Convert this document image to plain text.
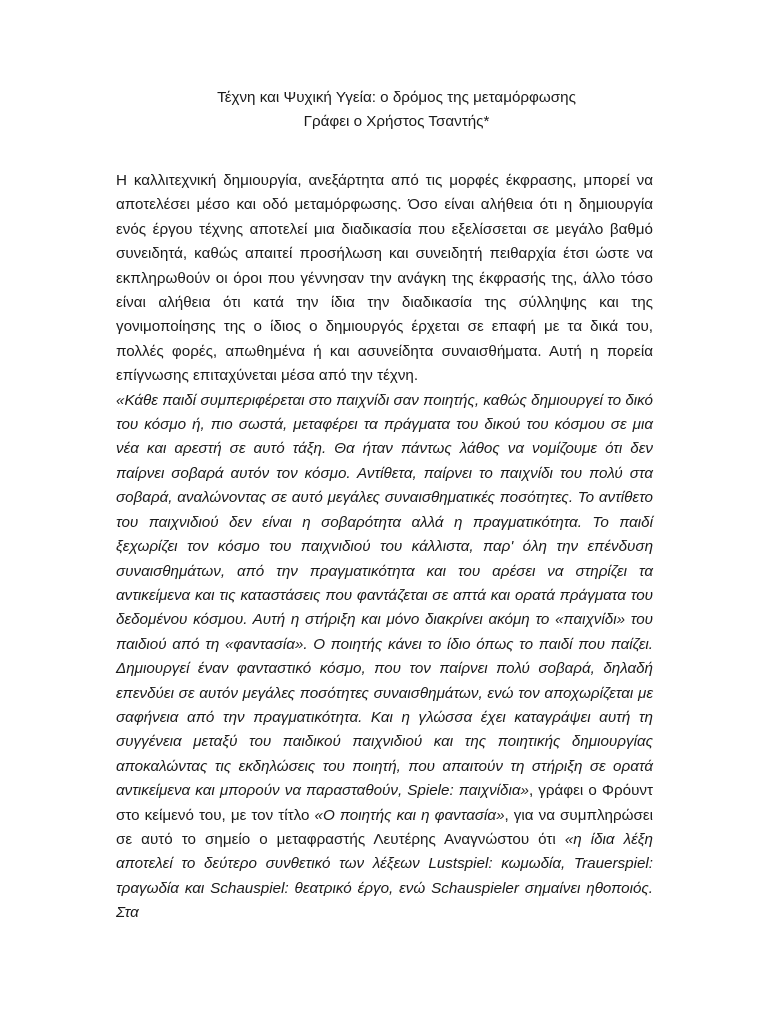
Τέχνη και Ψυχική Υγεία: ο δρόμος της μεταμόρφωσης
Γράφει ο Χρήστος Τσαντής*

Η καλλιτεχνική δημιουργία, ανεξάρτητα από τις μορφές έκφρασης, μπορεί να αποτελέσει μέσο και οδό μεταμόρφωσης. Όσο είναι αλήθεια ότι η δημιουργία ενός έργου τέχνης αποτελεί μια διαδικασία που εξελίσσεται σε μεγάλο βαθμό συνειδητά, καθώς απαιτεί προσήλωση και συνειδητή πειθαρχία έτσι ώστε να εκπληρωθούν οι όροι που γέννησαν την ανάγκη της έκφρασής της, άλλο τόσο είναι αλήθεια ότι κατά την ίδια την διαδικασία της σύλληψης και της γονιμοποίησης της ο ίδιος ο δημιουργός έρχεται σε επαφή με τα δικά του, πολλές φορές, απωθημένα ή και ασυνείδητα συναισθήματα. Αυτή η πορεία επίγνωσης επιταχύνεται μέσα από την τέχνη.

«Κάθε παιδί συμπεριφέρεται στο παιχνίδι σαν ποιητής, καθώς δημιουργεί το δικό του κόσμο ή, πιο σωστά, μεταφέρει τα πράγματα του δικού του κόσμου σε μια νέα και αρεστή σε αυτό τάξη. Θα ήταν πάντως λάθος να νομίζουμε ότι δεν παίρνει σοβαρά αυτόν τον κόσμο. Αντίθετα, παίρνει το παιχνίδι του πολύ στα σοβαρά, αναλώνοντας σε αυτό μεγάλες συναισθηματικές ποσότητες. Το αντίθετο του παιχνιδιού δεν είναι η σοβαρότητα αλλά η πραγματικότητα. Το παιδί ξεχωρίζει τον κόσμο του παιχνιδιού του κάλλιστα, παρ' όλη την επένδυση συναισθημάτων, από την πραγματικότητα και του αρέσει να στηρίζει τα αντικείμενα και τις καταστάσεις που φαντάζεται σε απτά και ορατά πράγματα του δεδομένου κόσμου. Αυτή η στήριξη και μόνο διακρίνει ακόμη το «παιχνίδι» του παιδιού από τη «φαντασία». Ο ποιητής κάνει το ίδιο όπως το παιδί που παίζει. Δημιουργεί έναν φανταστικό κόσμο, που τον παίρνει πολύ σοβαρά, δηλαδή επενδύει σε αυτόν μεγάλες ποσότητες συναισθημάτων, ενώ τον αποχωρίζεται με σαφήνεια από την πραγματικότητα. Και η γλώσσα έχει καταγράψει αυτή τη συγγένεια μεταξύ του παιδικού παιχνιδιού και της ποιητικής δημιουργίας αποκαλώντας τις εκδηλώσεις του ποιητή, που απαιτούν τη στήριξη σε ορατά αντικείμενα και μπορούν να παρασταθούν, Spiele: παιχνίδια», γράφει ο Φρόυντ στο κείμενό του, με τον τίτλο «Ο ποιητής και η φαντασία», για να συμπληρώσει σε αυτό το σημείο ο μεταφραστής Λευτέρης Αναγνώστου ότι «η ίδια λέξη αποτελεί το δεύτερο συνθετικό των λέξεων Lustspiel: κωμωδία, Trauerspiel: τραγωδία και Schauspiel: θεατρικό έργο, ενώ Schauspieler σημαίνει ηθοποιός. Στα
